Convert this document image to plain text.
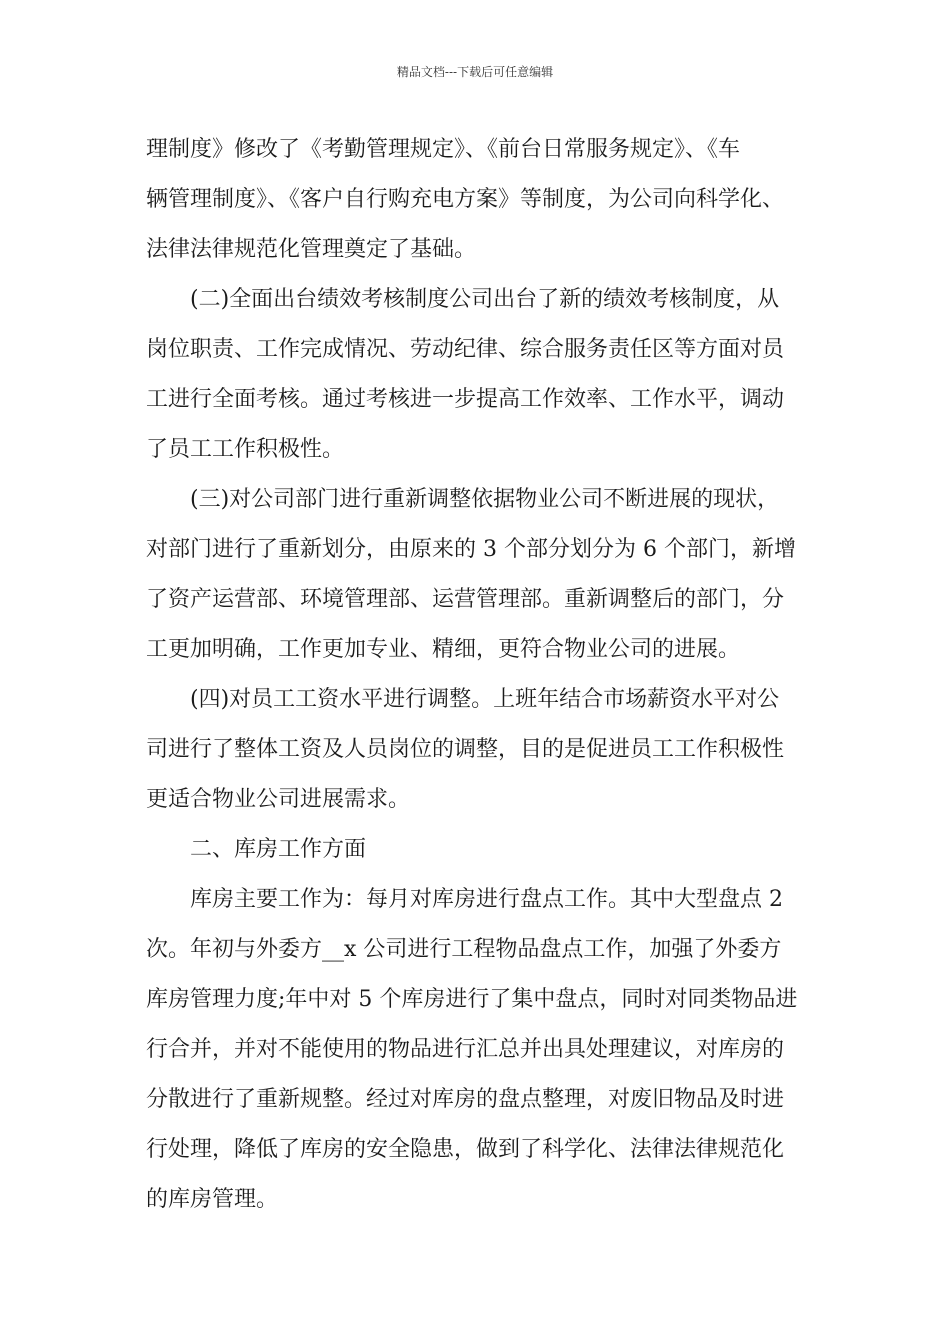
精品文档---下载后可任意编辑
理制度》修改了《考勤管理规定》、《前台日常服务规定》、《车
辆管理制度》、《客户自行购充电方案》等制度，为公司向科学化、
法律法律规范化管理奠定了基础。
　　(二)全面出台绩效考核制度公司出台了新的绩效考核制度，从
岗位职责、工作完成情况、劳动纪律、综合服务责任区等方面对员
工进行全面考核。通过考核进一步提高工作效率、工作水平，调动
了员工工作积极性。
　　(三)对公司部门进行重新调整依据物业公司不断进展的现状，
对部门进行了重新划分，由原来的 3 个部分划分为 6 个部门，新增
了资产运营部、环境管理部、运营管理部。重新调整后的部门，分
工更加明确，工作更加专业、精细，更符合物业公司的进展。
　　(四)对员工工资水平进行调整。上班年结合市场薪资水平对公
司进行了整体工资及人员岗位的调整，目的是促进员工工作积极性
更适合物业公司进展需求。
　　二、库房工作方面
　　库房主要工作为：每月对库房进行盘点工作。其中大型盘点 2
次。年初与外委方__x 公司进行工程物品盘点工作，加强了外委方
库房管理力度;年中对 5 个库房进行了集中盘点，同时对同类物品进
行合并，并对不能使用的物品进行汇总并出具处理建议，对库房的
分散进行了重新规整。经过对库房的盘点整理，对废旧物品及时进
行处理，降低了库房的安全隐患，做到了科学化、法律法律规范化
的库房管理。
